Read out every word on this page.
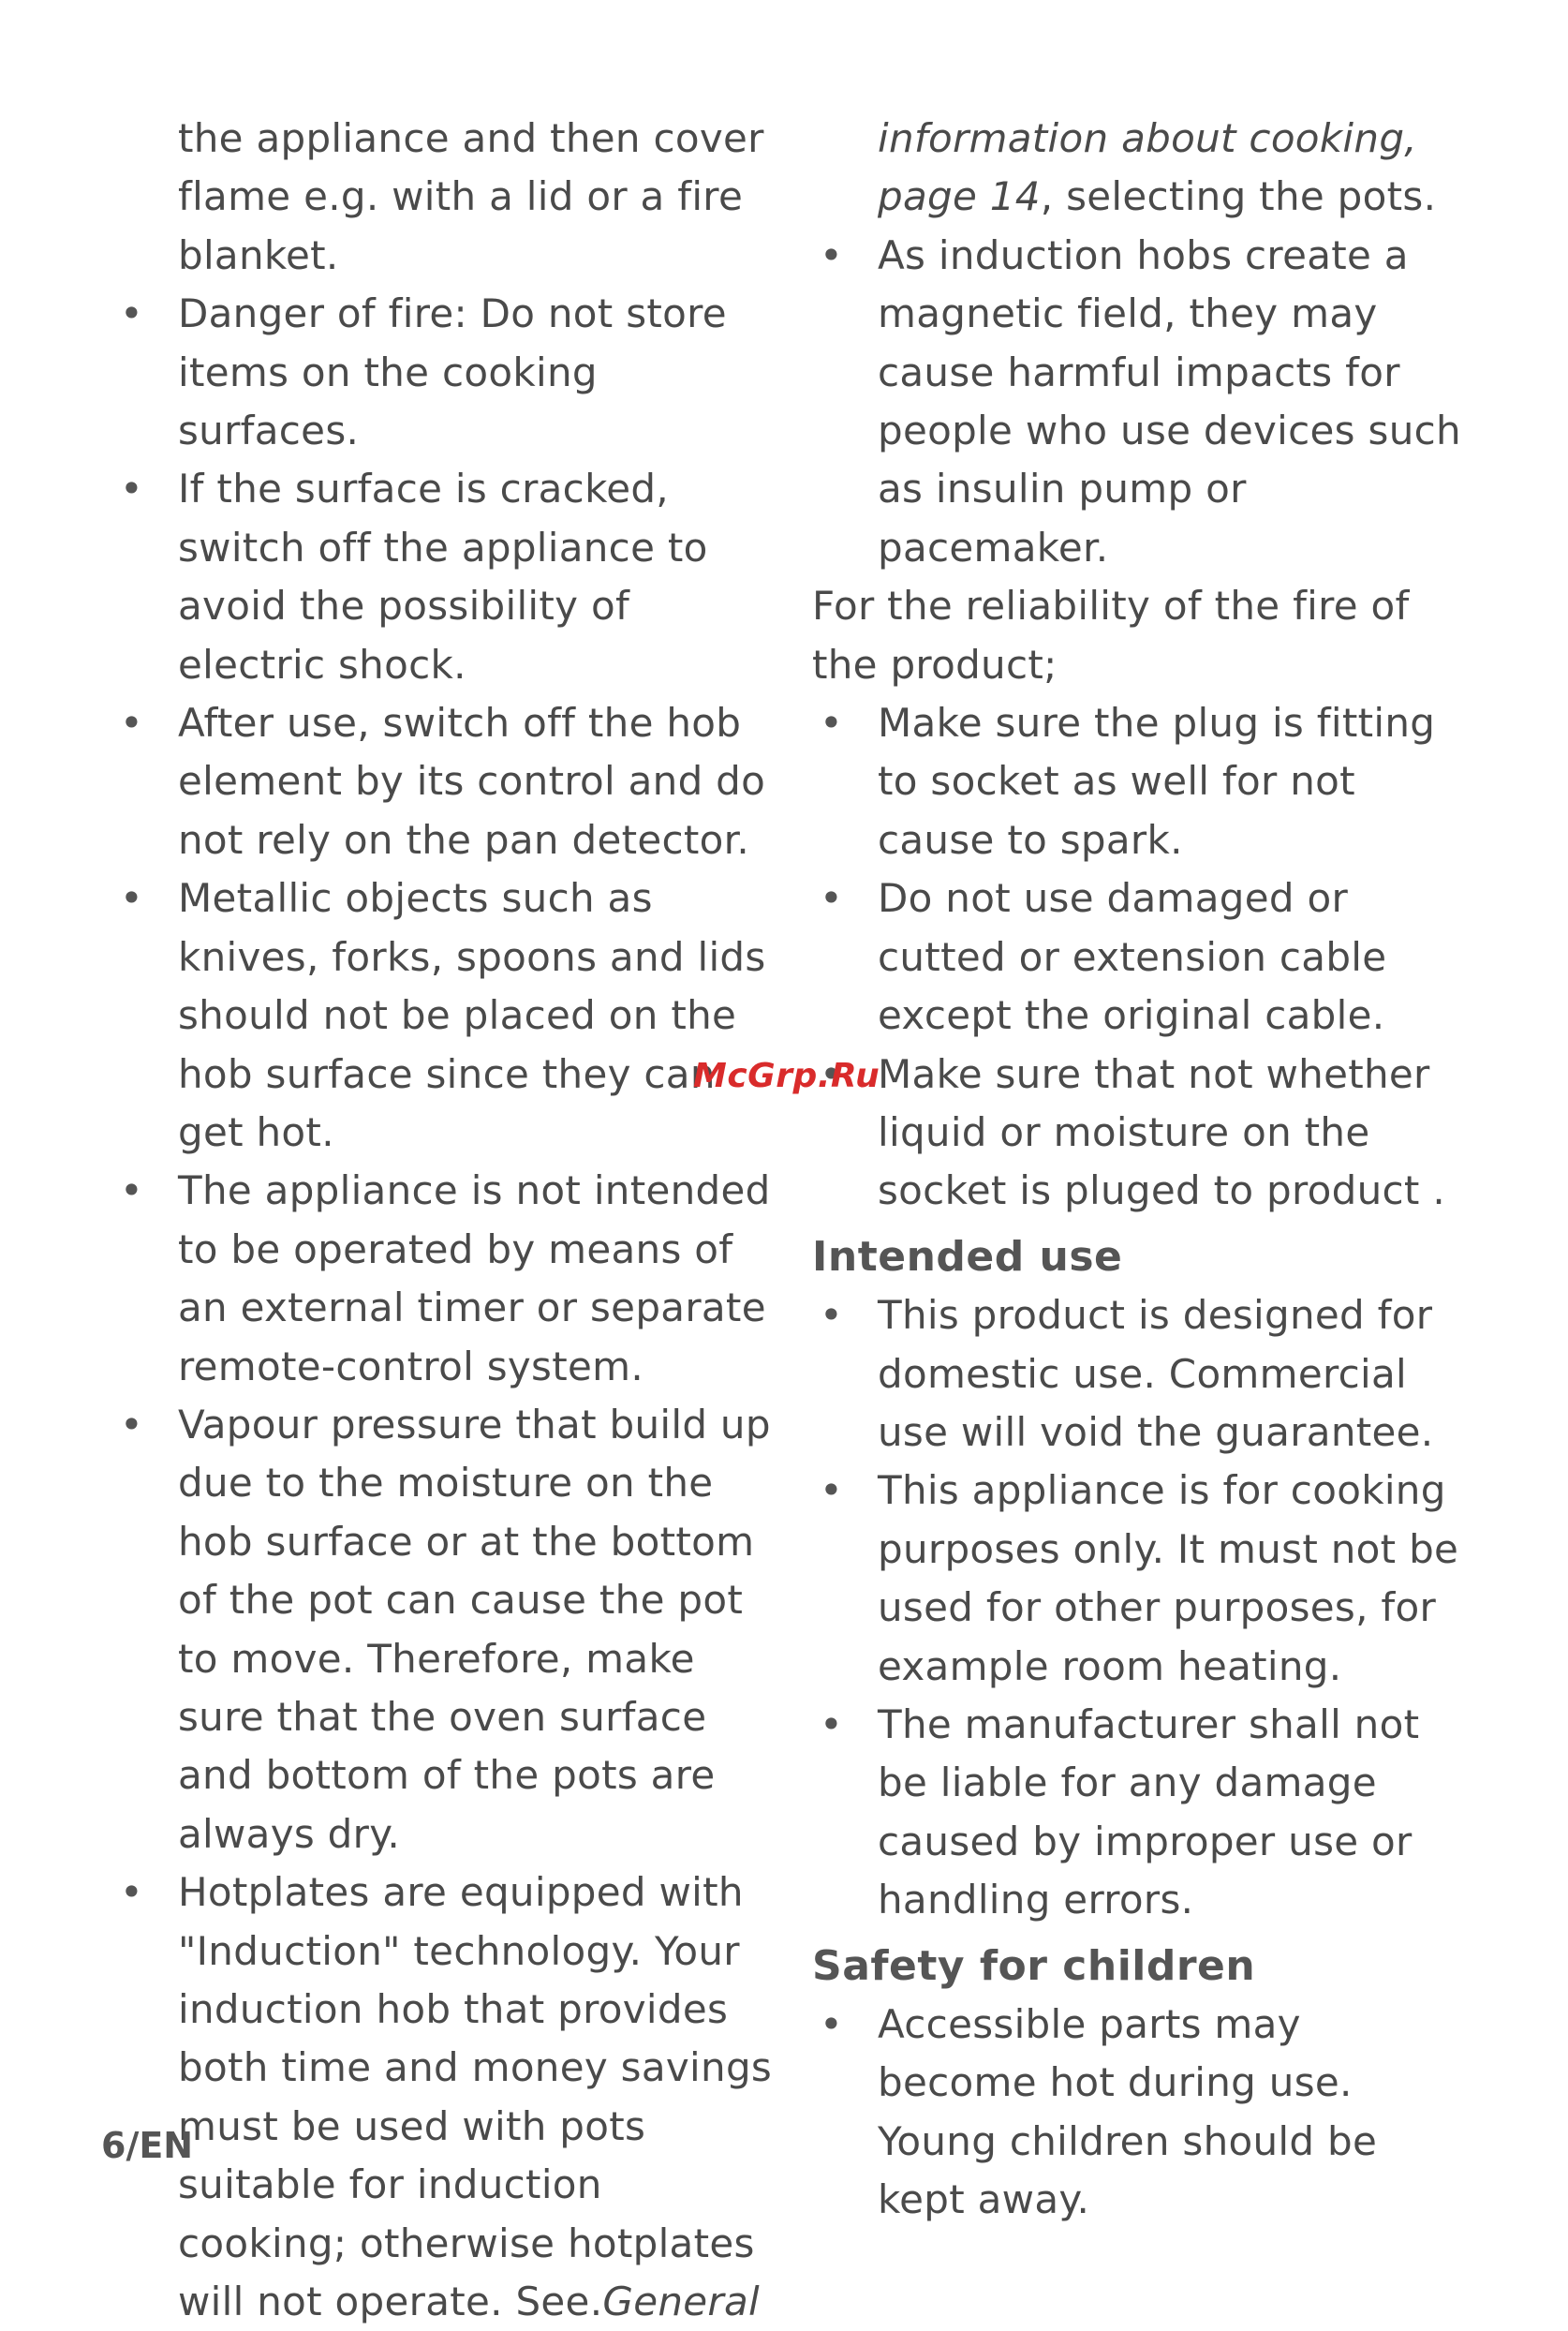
the appliance and then cover flame e.g. with a lid or a fire blanket.

Danger of fire: Do not store items on the cooking surfaces.
If the surface is cracked, switch off the appliance to avoid the possibility of electric shock.
After use, switch off the hob element by its control and do not rely on the pan detector.
Metallic objects such as knives, forks, spoons and lids should not be placed on the hob surface since they can get hot.
The appliance is not intended to be operated by means of an external timer or separate remote-control system.
Vapour pressure that build up due to the moisture on the hob surface or at the bottom of the pot can cause the pot to move. Therefore, make sure that the oven surface and bottom of the pots are always dry.
Hotplates are equipped with "Induction" technology. Your induction hob that provides both time and money savings must be used with pots suitable for induction cooking; otherwise hotplates will not operate. See.General

information about cooking, page 14, selecting the pots.

As induction hobs create a magnetic field, they may cause harmful impacts for people who use devices such as insulin pump or pacemaker.

For the reliability of the fire of the product;

Make sure the plug is fitting to socket as well for not cause to spark.
Do not use damaged or cutted or extension cable except the original cable.
Make sure that not whether liquid or moisture on the socket is pluged to product .
Intended use
This product is designed for domestic use. Commercial use will void the guarantee.
This appliance is for cooking purposes only. It must not be used for other purposes, for example room heating.
The manufacturer shall not be liable for any damage caused by improper use or handling errors.
Safety for children
Accessible parts may become hot during use. Young children should be kept away.
McGrp.Ru
6/EN
